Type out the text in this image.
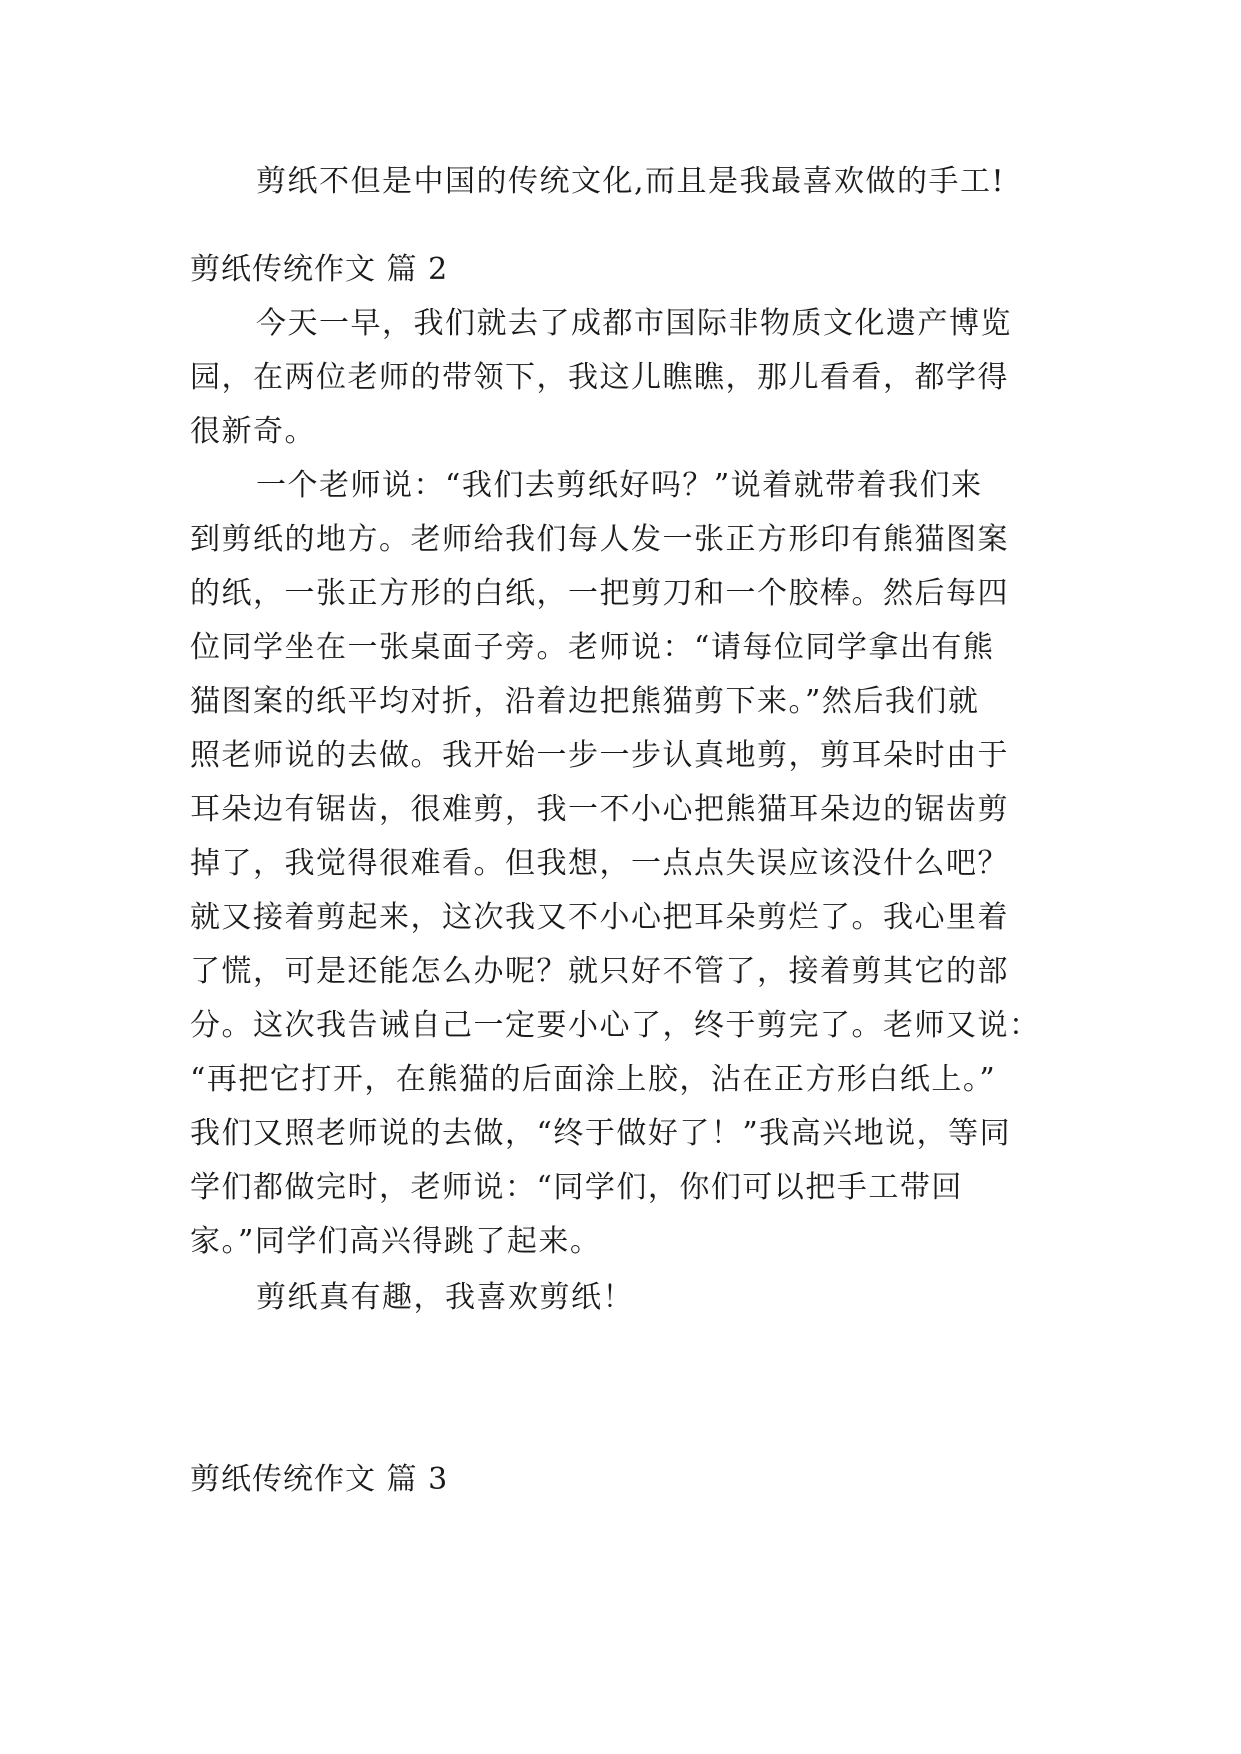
剪纸不但是中国的传统文化,而且是我最喜欢做的手工!
剪纸传统作文 篇 2
今天一早，我们就去了成都市国际非物质文化遗产博览
园，在两位老师的带领下，我这儿瞧瞧，那儿看看，都学得
很新奇。
一个老师说：“我们去剪纸好吗？”说着就带着我们来
到剪纸的地方。老师给我们每人发一张正方形印有熊猫图案
的纸，一张正方形的白纸，一把剪刀和一个胶棒。然后每四
位同学坐在一张桌面子旁。老师说：“请每位同学拿出有熊
猫图案的纸平均对折，沿着边把熊猫剪下来。”然后我们就
照老师说的去做。我开始一步一步认真地剪，剪耳朵时由于
耳朵边有锯齿，很难剪，我一不小心把熊猫耳朵边的锯齿剪
掉了，我觉得很难看。但我想，一点点失误应该没什么吧？
就又接着剪起来，这次我又不小心把耳朵剪烂了。我心里着
了慌，可是还能怎么办呢？就只好不管了，接着剪其它的部
分。这次我告诫自己一定要小心了，终于剪完了。老师又说：
“再把它打开，在熊猫的后面涂上胶，沾在正方形白纸上。”
我们又照老师说的去做，“终于做好了！”我高兴地说，等同
学们都做完时，老师说：“同学们，你们可以把手工带回
家。”同学们高兴得跳了起来。
剪纸真有趣，我喜欢剪纸！
剪纸传统作文 篇 3
